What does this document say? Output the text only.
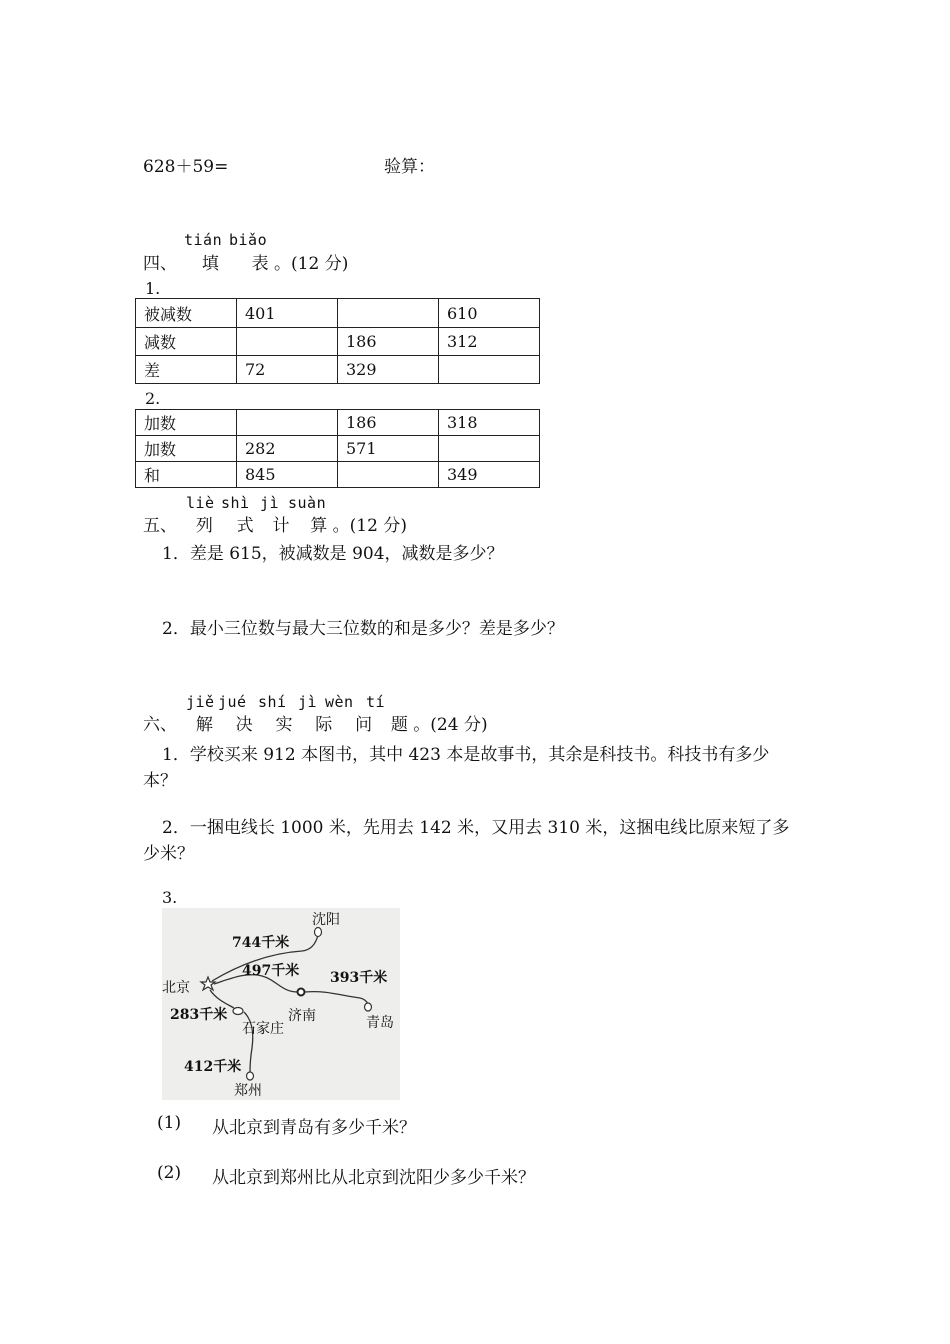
628＋59=	验算：
tián biǎo
四、 填 表 。(12 分)
1.
被减数	401		610
减数		186	312
差	72	329	
2.
加数		186	318
加数	282	571	
和	845		349
liè shì jì suàn
五、 列 式 计 算 。(12 分)
1．差是 615，被减数是 904，减数是多少？
2．最小三位数与最大三位数的和是多少？差是多少？
jiě jué shí jì wèn tí
六、 解 决 实 际 问 题 。(24 分)
1．学校买来 912 本图书，其中 423 本是故事书，其余是科技书。科技书有多少
本？
2．一捆电线长 1000 米，先用去 142 米，又用去 310 米，这捆电线比原来短了多
少米？
3.
北京
沈阳
济南	青岛
石家庄
郑州
744千米
497千米 393千米
283千米
412千米
(1) 从北京到青岛有多少千米？
(2) 从北京到郑州比从北京到沈阳少多少千米？
